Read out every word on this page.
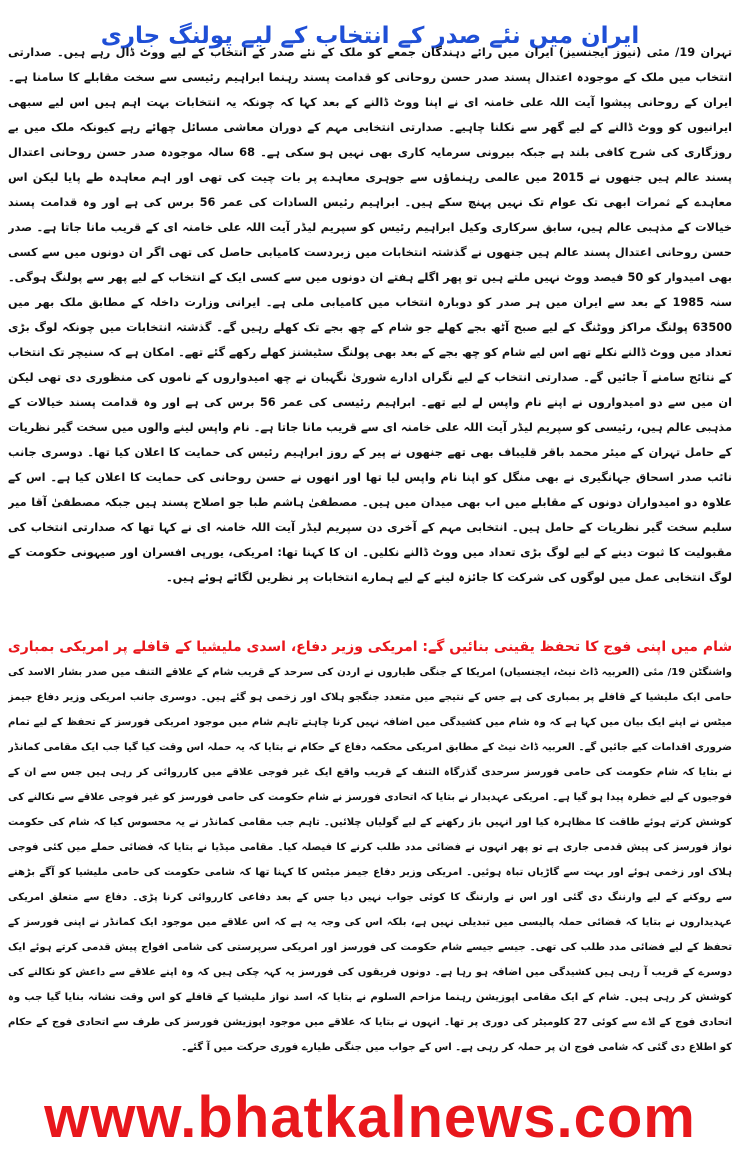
ایران میں نئے صدر کے انتخاب کے لیے پولنگ جاری

تہران 19/ مئی (نیوز ایجنسیز) ایران میں رائے دہندگان جمعے کو ملک کے نئے صدر کے انتخاب کے لیے ووٹ ڈال رہے ہیں۔ صدارتی انتخاب میں ملک کے موجودہ اعتدال پسند صدر حسن روحانی کو قدامت پسند رہنما ابراہیم رئیسی سے سخت مقابلے کا سامنا ہے۔ ایران کے روحانی پیشوا آیت اللہ علی خامنہ ای نے اپنا ووٹ ڈالنے کے بعد کہا کہ چونکہ یہ انتخابات بہت اہم ہیں اس لیے سبھی ایرانیوں کو ووٹ ڈالنے کے لیے گھر سے نکلنا چاہیے۔ صدارتی انتخابی مہم کے دوران معاشی مسائل چھائے رہے کیونکہ ملک میں بے روزگاری کی شرح کافی بلند ہے جبکہ بیرونی سرمایہ کاری بھی نہیں ہو سکی ہے۔ 68 سالہ موجودہ صدر حسن روحانی اعتدال پسند عالم ہیں جنھوں نے 2015 میں عالمی رہنماؤں سے جوہری معاہدے پر بات چیت کی تھی اور اہم معاہدہ طے پایا لیکن اس معاہدے کے ثمرات ابھی تک عوام تک نہیں پہنچ سکے ہیں۔ ابراہیم رئیس السادات کی عمر 56 برس کی ہے اور وہ قدامت پسند خیالات کے مذہبی عالم ہیں، سابق سرکاری وکیل ابراہیم رئیس کو سپریم لیڈر آیت اللہ علی خامنہ ای کے قریب مانا جاتا ہے۔ صدر حسن روحانی اعتدال پسند عالم ہیں جنھوں نے گذشتہ انتخابات میں زبردست کامیابی حاصل کی تھی اگر ان دونوں میں سے کسی بھی امیدوار کو 50 فیصد ووٹ نہیں ملتے ہیں تو پھر اگلے ہفتے ان دونوں میں سے کسی ایک کے انتخاب کے لیے پھر سے پولنگ ہوگی۔ سنہ 1985 کے بعد سے ایران میں ہر صدر کو دوبارہ انتخاب میں کامیابی ملی ہے۔ ایرانی وزارت داخلہ کے مطابق ملک بھر میں 63500 پولنگ مراکز ووٹنگ کے لیے صبح آٹھ بجے کھلے جو شام کے چھ بجے تک کھلے رہیں گے۔ گذشتہ انتخابات میں چونکہ لوگ بڑی تعداد میں ووٹ ڈالنے نکلے تھے اس لیے شام کو چھ بجے کے بعد بھی پولنگ سٹیشنز کھلے رکھے گئے تھے۔ امکان ہے کہ سنیچر تک انتخاب کے نتائج سامنے آ جائیں گے۔ صدارتی انتخاب کے لیے نگراں ادارے شوریٰ نگہبان نے چھ امیدواروں کے ناموں کی منظوری دی تھی لیکن ان میں سے دو امیدواروں نے اپنے نام واپس لے لیے تھے۔ ابراہیم رئیسی کی عمر 56 برس کی ہے اور وہ قدامت پسند خیالات کے مذہبی عالم ہیں، رئیسی کو سپریم لیڈر آیت اللہ علی خامنہ ای سے قریب مانا جاتا ہے۔ نام واپس لینے والوں میں سخت گیر نظریات کے حامل تہران کے میئر محمد باقر قلیباف بھی تھے جنھوں نے پیر کے روز ابراہیم رئیس کی حمایت کا اعلان کیا تھا۔ دوسری جانب نائب صدر اسحاق جہانگیری نے بھی منگل کو اپنا نام واپس لیا تھا اور انھوں نے حسن روحانی کی حمایت کا اعلان کیا ہے۔ اس کے علاوہ دو امیدواران دونوں کے مقابلے میں اب بھی میدان میں ہیں۔ مصطفیٰ ہاشم طبا جو اصلاح پسند ہیں جبکہ مصطفیٰ آقا میر سلیم سخت گیر نظریات کے حامل ہیں۔ انتخابی مہم کے آخری دن سپریم لیڈر آیت اللہ خامنہ ای نے کہا تھا کہ صدارتی انتخاب کی مقبولیت کا ثبوت دینے کے لیے لوگ بڑی تعداد میں ووٹ ڈالنے نکلیں۔ ان کا کہنا تھا: امریکی، یورپی افسران اور صیہونی حکومت کے لوگ انتخابی عمل میں لوگوں کی شرکت کا جائزہ لینے کے لیے ہمارے انتخابات پر نظریں لگائے ہوئے ہیں۔

شام میں اپنی فوج کا تحفظ یقینی بنائیں گے: امریکی وزیر دفاع، اسدی ملیشیا کے قافلے پر امریکی بمباری

واشنگٹن 19/ مئی (العربیہ ڈاٹ نیٹ، ایجنسیاں) امریکا کے جنگی طیاروں نے اردن کی سرحد کے قریب شام کے علاقے التنف میں صدر بشار الاسد کی حامی ایک ملیشیا کے قافلے پر بمباری کی ہے جس کے نتیجے میں متعدد جنگجو ہلاک اور زخمی ہو گئے ہیں۔ دوسری جانب امریکی وزیر دفاع جیمز میٹس نے اپنے ایک بیان میں کہا ہے کہ وہ شام میں کشیدگی میں اضافہ نہیں کرنا چاہتے تاہم شام میں موجود امریکی فورسز کے تحفظ کے لیے تمام ضروری اقدامات کیے جائیں گے۔ العربیہ ڈاٹ نیٹ کے مطابق امریکی محکمہ دفاع کے حکام نے بتایا کہ یہ حملہ اس وقت کیا گیا جب ایک مقامی کمانڈر نے بتایا کہ شام حکومت کی حامی فورسز سرحدی گذرگاہ التنف کے قریب واقع ایک غیر فوجی علاقے میں کارروائی کر رہی ہیں جس سے ان کے فوجیوں کے لیے خطرہ پیدا ہو گیا ہے۔ امریکی عہدیدار نے بتایا کہ اتحادی فورسز نے شام حکومت کی حامی فورسز کو غیر فوجی علاقے سے نکالنے کی کوشش کرتے ہوئے طاقت کا مظاہرہ کیا اور انہیں باز رکھنے کے لیے گولیاں چلائیں۔ تاہم جب مقامی کمانڈر نے یہ محسوس کیا کہ شام کی حکومت نواز فورسز کی پیش قدمی جاری ہے تو پھر انہوں نے فضائی مدد طلب کرنے کا فیصلہ کیا۔ مقامی میڈیا نے بتایا کہ فضائی حملے میں کئی فوجی ہلاک اور زخمی ہوئے اور بہت سے گاڑیاں تباہ ہوئیں۔ امریکی وزیر دفاع جیمز میٹس کا کہنا تھا کہ شامی حکومت کی حامی ملیشیا کو آگے بڑھنے سے روکنے کے لیے وارننگ دی گئی اور اس نے وارننگ کا کوئی جواب نہیں دیا جس کے بعد دفاعی کارروائی کرنا پڑی۔ دفاع سے متعلق امریکی عہدیداروں نے بتایا کہ فضائی حملہ پالیسی میں تبدیلی نہیں ہے، بلکہ اس کی وجہ یہ ہے کہ اس علاقے میں موجود ایک کمانڈر نے اپنی فورسز کے تحفظ کے لیے فضائی مدد طلب کی تھی۔ جیسے جیسے شام حکومت کی فورسز اور امریکی سرپرستی کی شامی افواج پیش قدمی کرتے ہوئے ایک دوسرے کے قریب آ رہی ہیں کشیدگی میں اضافہ ہو رہا ہے۔ دونوں فریقوں کی فورسز یہ کہہ چکی ہیں کہ وہ اپنے علاقے سے داعش کو نکالنے کی کوشش کر رہی ہیں۔ شام کے ایک مقامی اپوزیشن رہنما مزاحم السلوم نے بتایا کہ اسد نواز ملیشیا کے قافلے کو اس وقت نشانہ بنایا گیا جب وہ اتحادی فوج کے اڈے سے کوئی 27 کلومیٹر کی دوری پر تھا۔ انہوں نے بتایا کہ علاقے میں موجود اپوزیشن فورسز کی طرف سے اتحادی فوج کے حکام کو اطلاع دی گئی کہ شامی فوج ان پر حملہ کر رہی ہے۔ اس کے جواب میں جنگی طیارے فوری حرکت میں آ گئے۔

www.bhatkalnews.com
